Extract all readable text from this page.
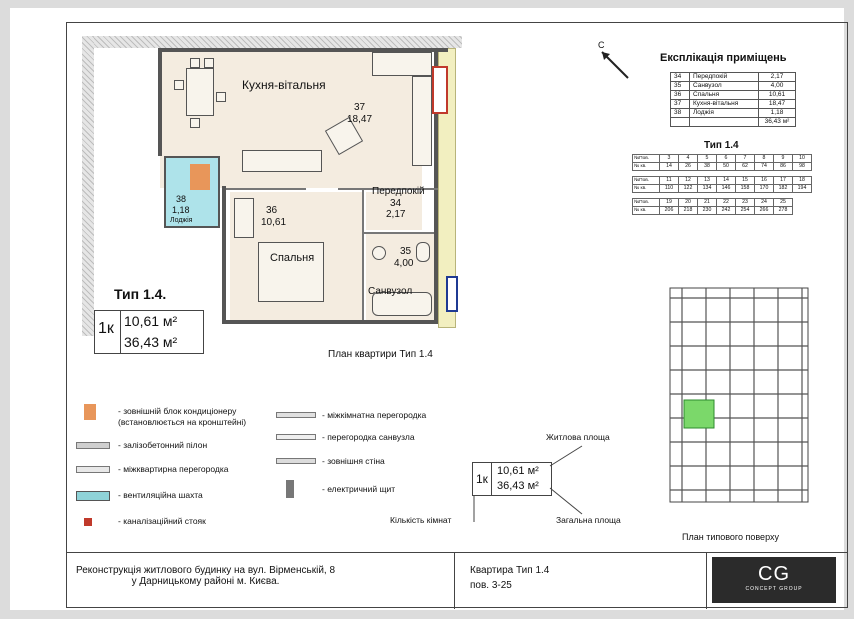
Кухня-вітальня
37
18,47
38
1,18
Лоджія
36
10,61
Спальня
Передпокій
34
2,17
35
4,00
Санвузол
Тип 1.4.
1к 10,61 м²
36,43 м²
План квартири Тип 1.4
С
Експлікація приміщень
34	Передпокій	2,17
35	Санвузол	4,00
36	Спальня	10,61
37	Кухня-вітальня	18,47
38	Лоджія	1,18
		36,43 м²
Тип 1.4
№Пов.	3	4	5	6	7	8	9	10
№ кв.	14	26	38	50	62	74	86	98
№Пов.	11	12	13	14	15	16	17	18
№ кв.	110	122	134	146	158	170	182	194
№Пов.	19	20	21	22	23	24	25
№ кв.	206	218	230	242	254	266	278
План типового поверху
- зовнішній блок кондиціонеру
(встановлюється на кронштейні)
- залізобетонний пілон
- міжквартирна перегородка
- вентиляційна шахта
- каналізаційний стояк
- міжкімнатна перегородка
- перегородка санвузла
- зовнішня стіна
- електричний щит
Житлова площа
1к
10,61 м²
36,43 м²
Загальна площа
Кількість кімнат
Реконструкція житлового будинку на вул. Вірменській, 8
у Дарницькому районі м. Києва.
Квартира Тип 1.4
пов. 3-25
CG
CONCEPT GROUP
